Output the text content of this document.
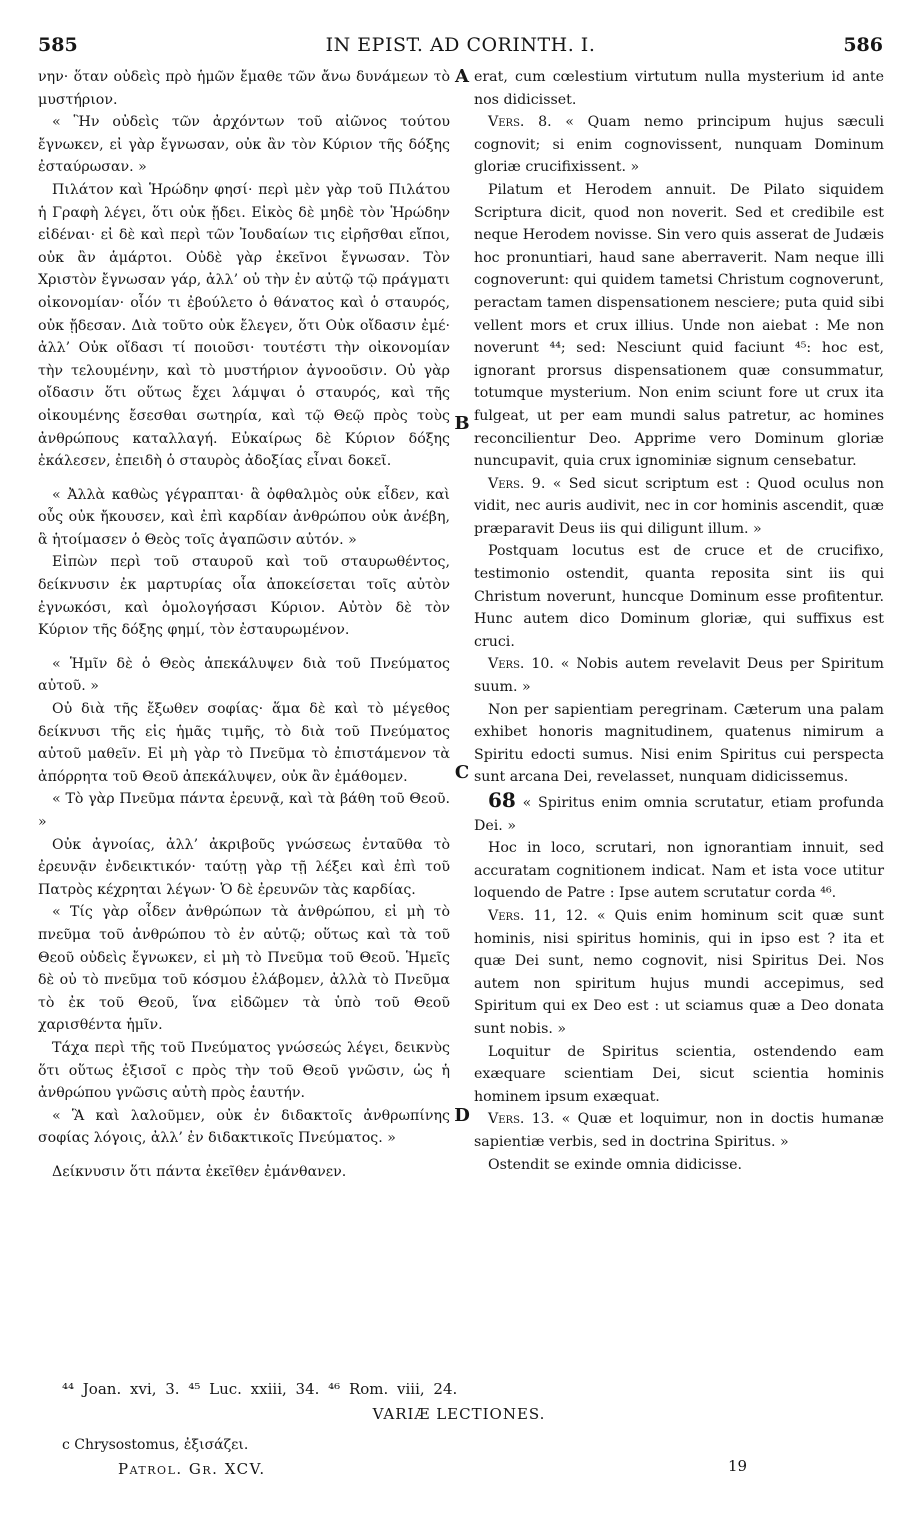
585	IN EPIST. AD CORINTH. I.	586

νην· ὅταν οὐδεὶς πρὸ ἡμῶν ἔμαθε τῶν ἄνω δυνάμεων τὸ μυστήριον.

« Ἣν οὐδεὶς τῶν ἀρχόντων τοῦ αἰῶνος τούτου ἔγνωκεν, εἰ γὰρ ἔγνωσαν, οὐκ ἂν τὸν Κύριον τῆς δόξης ἐσταύρωσαν. »

Πιλάτον καὶ Ἡρώδην φησί· περὶ μὲν γὰρ τοῦ Πιλάτου ἡ Γραφὴ λέγει, ὅτι οὐκ ᾔδει. Εἰκὸς δὲ μηδὲ τὸν Ἡρώδην εἰδέναι· εἰ δὲ καὶ περὶ τῶν Ἰουδαίων τις εἰρῆσθαι εἴποι, οὐκ ἂν ἁμάρτοι. Οὐδὲ γὰρ ἐκεῖνοι ἔγνωσαν. Τὸν Χριστὸν ἔγνωσαν γάρ, ἀλλ’ οὐ τὴν ἐν αὐτῷ τῷ πράγματι οἰκονομίαν· οἷόν τι ἐβούλετο ὁ θάνατος καὶ ὁ σταυρός, οὐκ ᾔδεσαν. Διὰ τοῦτο οὐκ ἔλεγεν, ὅτι Οὐκ οἴδασιν ἐμέ· ἀλλ’ Οὐκ οἴδασι τί ποιοῦσι· τουτέστι τὴν οἰκονομίαν τὴν τελουμένην, καὶ τὸ μυστήριον ἀγνοοῦσιν. Οὐ γὰρ οἴδασιν ὅτι οὕτως ἔχει λάμψαι ὁ σταυρός, καὶ τῆς οἰκουμένης ἔσεσθαι σωτηρία, καὶ τῷ Θεῷ πρὸς τοὺς ἀνθρώπους καταλλαγή. Εὐκαίρως δὲ Κύριον δόξης ἐκάλεσεν, ἐπειδὴ ὁ σταυρὸς ἀδοξίας εἶναι δοκεῖ.

« Ἀλλὰ καθὼς γέγραπται· ἃ ὀφθαλμὸς οὐκ εἶδεν, καὶ οὖς οὐκ ἤκουσεν, καὶ ἐπὶ καρδίαν ἀνθρώπου οὐκ ἀνέβη, ἃ ἡτοίμασεν ὁ Θεὸς τοῖς ἀγαπῶσιν αὐτόν. »

Εἰπὼν περὶ τοῦ σταυροῦ καὶ τοῦ σταυρωθέντος, δείκνυσιν ἐκ μαρτυρίας οἷα ἀποκείσεται τοῖς αὐτὸν ἐγνωκόσι, καὶ ὁμολογήσασι Κύριον. Αὐτὸν δὲ τὸν Κύριον τῆς δόξης φημί, τὸν ἐσταυρωμένον.

« Ἡμῖν δὲ ὁ Θεὸς ἀπεκάλυψεν διὰ τοῦ Πνεύματος αὐτοῦ. »

Οὐ διὰ τῆς ἔξωθεν σοφίας· ἅμα δὲ καὶ τὸ μέγεθος δείκνυσι τῆς εἰς ἡμᾶς τιμῆς, τὸ διὰ τοῦ Πνεύματος αὐτοῦ μαθεῖν. Εἰ μὴ γὰρ τὸ Πνεῦμα τὸ ἐπιστάμενον τὰ ἀπόρρητα τοῦ Θεοῦ ἀπεκάλυψεν, οὐκ ἂν ἐμάθομεν.

« Τὸ γὰρ Πνεῦμα πάντα ἐρευνᾷ, καὶ τὰ βάθη τοῦ Θεοῦ. »

Οὐκ ἀγνοίας, ἀλλ’ ἀκριβοῦς γνώσεως ἐνταῦθα τὸ ἐρευνᾷν ἐνδεικτικόν· ταύτῃ γὰρ τῇ λέξει καὶ ἐπὶ τοῦ Πατρὸς κέχρηται λέγων· Ὁ δὲ ἐρευνῶν τὰς καρδίας.

« Τίς γὰρ οἶδεν ἀνθρώπων τὰ ἀνθρώπου, εἰ μὴ τὸ πνεῦμα τοῦ ἀνθρώπου τὸ ἐν αὐτῷ; οὕτως καὶ τὰ τοῦ Θεοῦ οὐδεὶς ἔγνωκεν, εἰ μὴ τὸ Πνεῦμα τοῦ Θεοῦ. Ἡμεῖς δὲ οὐ τὸ πνεῦμα τοῦ κόσμου ἐλάβομεν, ἀλλὰ τὸ Πνεῦμα τὸ ἐκ τοῦ Θεοῦ, ἵνα εἰδῶμεν τὰ ὑπὸ τοῦ Θεοῦ χαρισθέντα ἡμῖν.

Τάχα περὶ τῆς τοῦ Πνεύματος γνώσεώς λέγει, δεικνὺς ὅτι οὕτως ἐξισοῖ c πρὸς τὴν τοῦ Θεοῦ γνῶσιν, ὡς ἡ ἀνθρώπου γνῶσις αὐτὴ πρὸς ἑαυτήν.

« Ἃ καὶ λαλοῦμεν, οὐκ ἐν διδακτοῖς ἀνθρωπίνης σοφίας λόγοις, ἀλλ’ ἐν διδακτικοῖς Πνεύματος. »

Δείκνυσιν ὅτι πάντα ἐκεῖθεν ἐμάνθανεν.

erat, cum cœlestium virtutum nulla mysterium id ante nos didicisset.

Vers. 8. « Quam nemo principum hujus sæculi cognovit; si enim cognovissent, nunquam Dominum gloriæ crucifixissent. »

Pilatum et Herodem annuit. De Pilato siquidem Scriptura dicit, quod non noverit. Sed et credibile est neque Herodem novisse. Sin vero quis asserat de Judæis hoc pronuntiari, haud sane aberraverit. Nam neque illi cognoverunt: qui quidem tametsi Christum cognoverunt, peractam tamen dispensationem nesciere; puta quid sibi vellent mors et crux illius. Unde non aiebat : Me non noverunt ⁴⁴; sed: Nesciunt quid faciunt ⁴⁵: hoc est, ignorant prorsus dispensationem quæ consummatur, totumque mysterium. Non enim sciunt fore ut crux ita fulgeat, ut per eam mundi salus patretur, ac homines reconcilientur Deo. Apprime vero Dominum gloriæ nuncupavit, quia crux ignominiæ signum censebatur.

Vers. 9. « Sed sicut scriptum est : Quod oculus non vidit, nec auris audivit, nec in cor hominis ascendit, quæ præparavit Deus iis qui diligunt illum. »

Postquam locutus est de cruce et de crucifixo, testimonio ostendit, quanta reposita sint iis qui Christum noverunt, huncque Dominum esse profitentur. Hunc autem dico Dominum gloriæ, qui suffixus est cruci.

Vers. 10. « Nobis autem revelavit Deus per Spiritum suum. »

Non per sapientiam peregrinam. Cæterum una palam exhibet honoris magnitudinem, quatenus nimirum a Spiritu edocti sumus. Nisi enim Spiritus cui perspecta sunt arcana Dei, revelasset, nunquam didicissemus.

68 « Spiritus enim omnia scrutatur, etiam profunda Dei. »

Hoc in loco, scrutari, non ignorantiam innuit, sed accuratam cognitionem indicat. Nam et ista voce utitur loquendo de Patre : Ipse autem scrutatur corda ⁴⁶.

Vers. 11, 12. « Quis enim hominum scit quæ sunt hominis, nisi spiritus hominis, qui in ipso est ? ita et quæ Dei sunt, nemo cognovit, nisi Spiritus Dei. Nos autem non spiritum hujus mundi accepimus, sed Spiritum qui ex Deo est : ut sciamus quæ a Deo donata sunt nobis. »

Loquitur de Spiritus scientia, ostendendo eam exæquare scientiam Dei, sicut scientia hominis hominem ipsum exæquat.

Vers. 13. « Quæ et loquimur, non in doctis humanæ sapientiæ verbis, sed in doctrina Spiritus. »

Ostendit se exinde omnia didicisse.

A
B
C
D
⁴⁴ Joan. xvi, 3. ⁴⁵ Luc. xxiii, 34. ⁴⁶ Rom. viii, 24.
VARIÆ LECTIONES.
c Chrysostomus, ἐξισάζει.
Patrol. Gr. XCV.	19
